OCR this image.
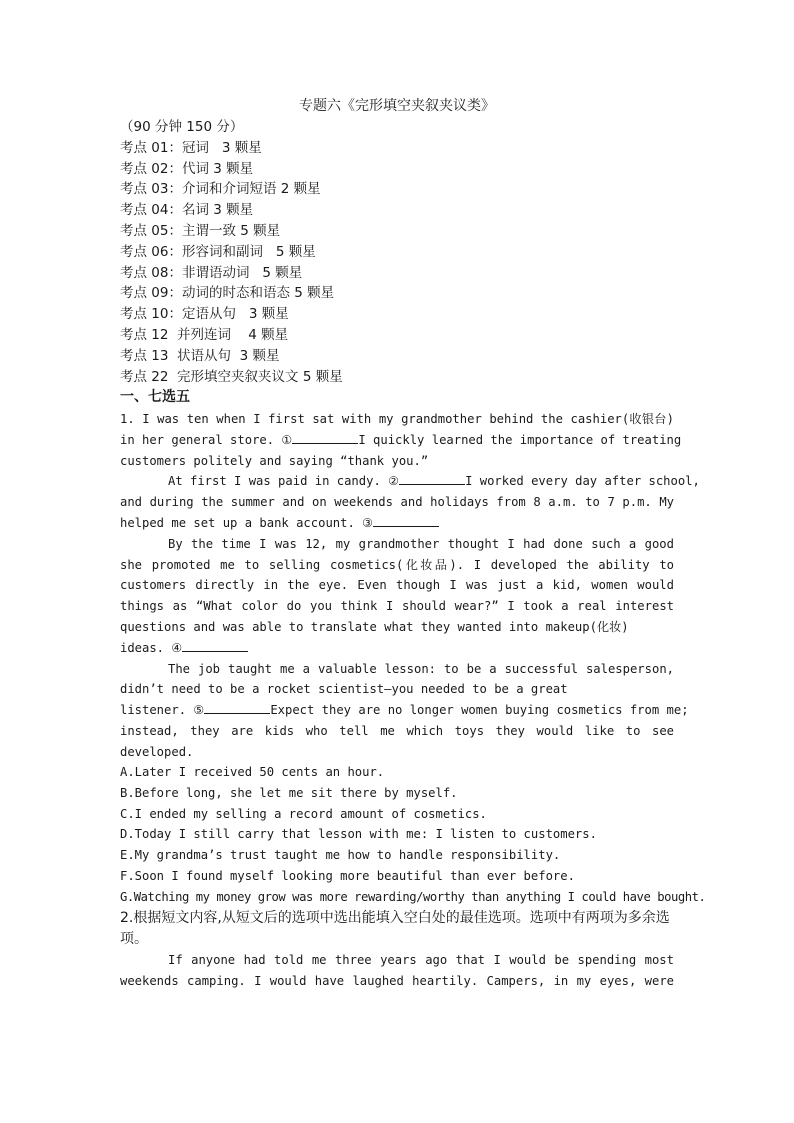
专题六《完形填空夹叙夹议类》
（90 分钟 150 分）
考点 01：冠词   3 颗星
考点 02：代词 3 颗星
考点 03：介词和介词短语 2 颗星
考点 04：名词 3 颗星
考点 05：主谓一致 5 颗星
考点 06：形容词和副词   5 颗星
考点 08：非谓语动词   5 颗星
考点 09：动词的时态和语态 5 颗星
考点 10：定语从句   3 颗星
考点 12  并列连词    4 颗星
考点 13  状语从句  3 颗星
考点 22  完形填空夹叙夹议文 5 颗星
一、七选五
1. I was ten when I first sat with my grandmother behind the cashier(收银台)
in her general store. ①	I quickly learned the importance of treating
customers politely and saying “thank you.”
At first I was paid in candy. ②	I worked every day after school,
and during the summer and on weekends and holidays from 8 a.m. to 7 p.m. My
helped me set up a bank account. ③
By the time I was 12, my grandmother thought I had done such a good
she promoted me to selling cosmetics(化妆品). I developed the ability to
customers directly in the eye. Even though I was just a kid, women would
things as “What color do you think I should wear?” I took a real interest
questions and was able to translate what they wanted into makeup(化妆)
ideas. ④
The job taught me a valuable lesson: to be a successful salesperson,
didn’t need to be a rocket scientist—you needed to be a great
listener. ⑤	Expect they are no longer women buying cosmetics from me;
instead, they are kids who tell me which toys they would like to see
developed.
A.Later I received 50 cents an hour.
B.Before long, she let me sit there by myself.
C.I ended my selling a record amount of cosmetics.
D.Today I still carry that lesson with me: I listen to customers.
E.My grandma’s trust taught me how to handle responsibility.
F.Soon I found myself looking more beautiful than ever before.
G.Watching my money grow was more rewarding/worthy than anything I could have bought.
2.根据短文内容,从短文后的选项中选出能填入空白处的最佳选项。选项中有两项为多余选
项。
If anyone had told me three years ago that I would be spending most
weekends camping. I would have laughed heartily. Campers, in my eyes, were
